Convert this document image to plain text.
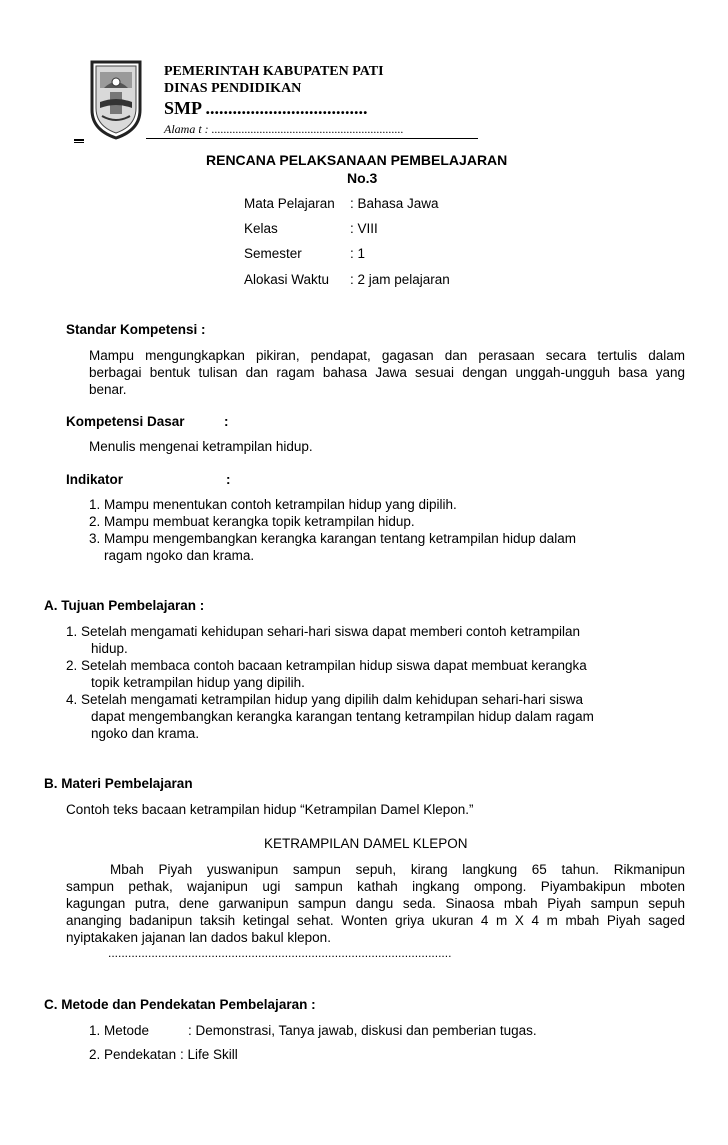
PEMERINTAH KABUPATEN PATI
DINAS PENDIDIKAN
SMP ....................................
Alama t : ................................................................
RENCANA PELAKSANAAN PEMBELAJARAN
No.3
Mata Pelajaran : Bahasa Jawa
Kelas	: VIII
Semester	: 1
Alokasi Waktu : 2 jam pelajaran
Standar Kompetensi :
Mampu mengungkapkan pikiran, pendapat, gagasan dan perasaan secara tertulis dalam
berbagai bentuk tulisan dan ragam bahasa Jawa sesuai dengan unggah-ungguh basa yang
benar.
Kompetensi Dasar	:
Menulis mengenai ketrampilan hidup.
Indikator	:
1. Mampu menentukan contoh ketrampilan hidup yang dipilih.
2. Mampu membuat kerangka topik ketrampilan hidup.
3. Mampu mengembangkan kerangka karangan tentang ketrampilan hidup dalam
ragam ngoko dan krama.
A. Tujuan Pembelajaran :
1. Setelah mengamati kehidupan sehari-hari siswa dapat memberi contoh ketrampilan
hidup.
2. Setelah membaca contoh bacaan ketrampilan hidup siswa dapat membuat kerangka
topik ketrampilan hidup yang dipilih.
4. Setelah mengamati ketrampilan hidup yang dipilih dalm kehidupan sehari-hari siswa
dapat mengembangkan kerangka karangan tentang ketrampilan hidup dalam ragam
ngoko dan krama.
B. Materi Pembelajaran
Contoh teks bacaan ketrampilan hidup “Ketrampilan Damel Klepon.”
KETRAMPILAN DAMEL KLEPON
Mbah Piyah yuswanipun sampun sepuh, kirang langkung 65 tahun. Rikmanipun
sampun pethak, wajanipun ugi sampun kathah ingkang ompong. Piyambakipun mboten
kagungan putra, dene garwanipun sampun dangu seda. Sinaosa mbah Piyah sampun sepuh
ananging badanipun taksih ketingal sehat. Wonten griya ukuran 4 m X 4 m mbah Piyah saged
nyiptakaken jajanan lan dados bakul klepon.
.......................................................................................................
C. Metode dan Pendekatan Pembelajaran :
1. Metode	: Demonstrasi, Tanya jawab, diskusi dan pemberian tugas.
2. Pendekatan : Life Skill
